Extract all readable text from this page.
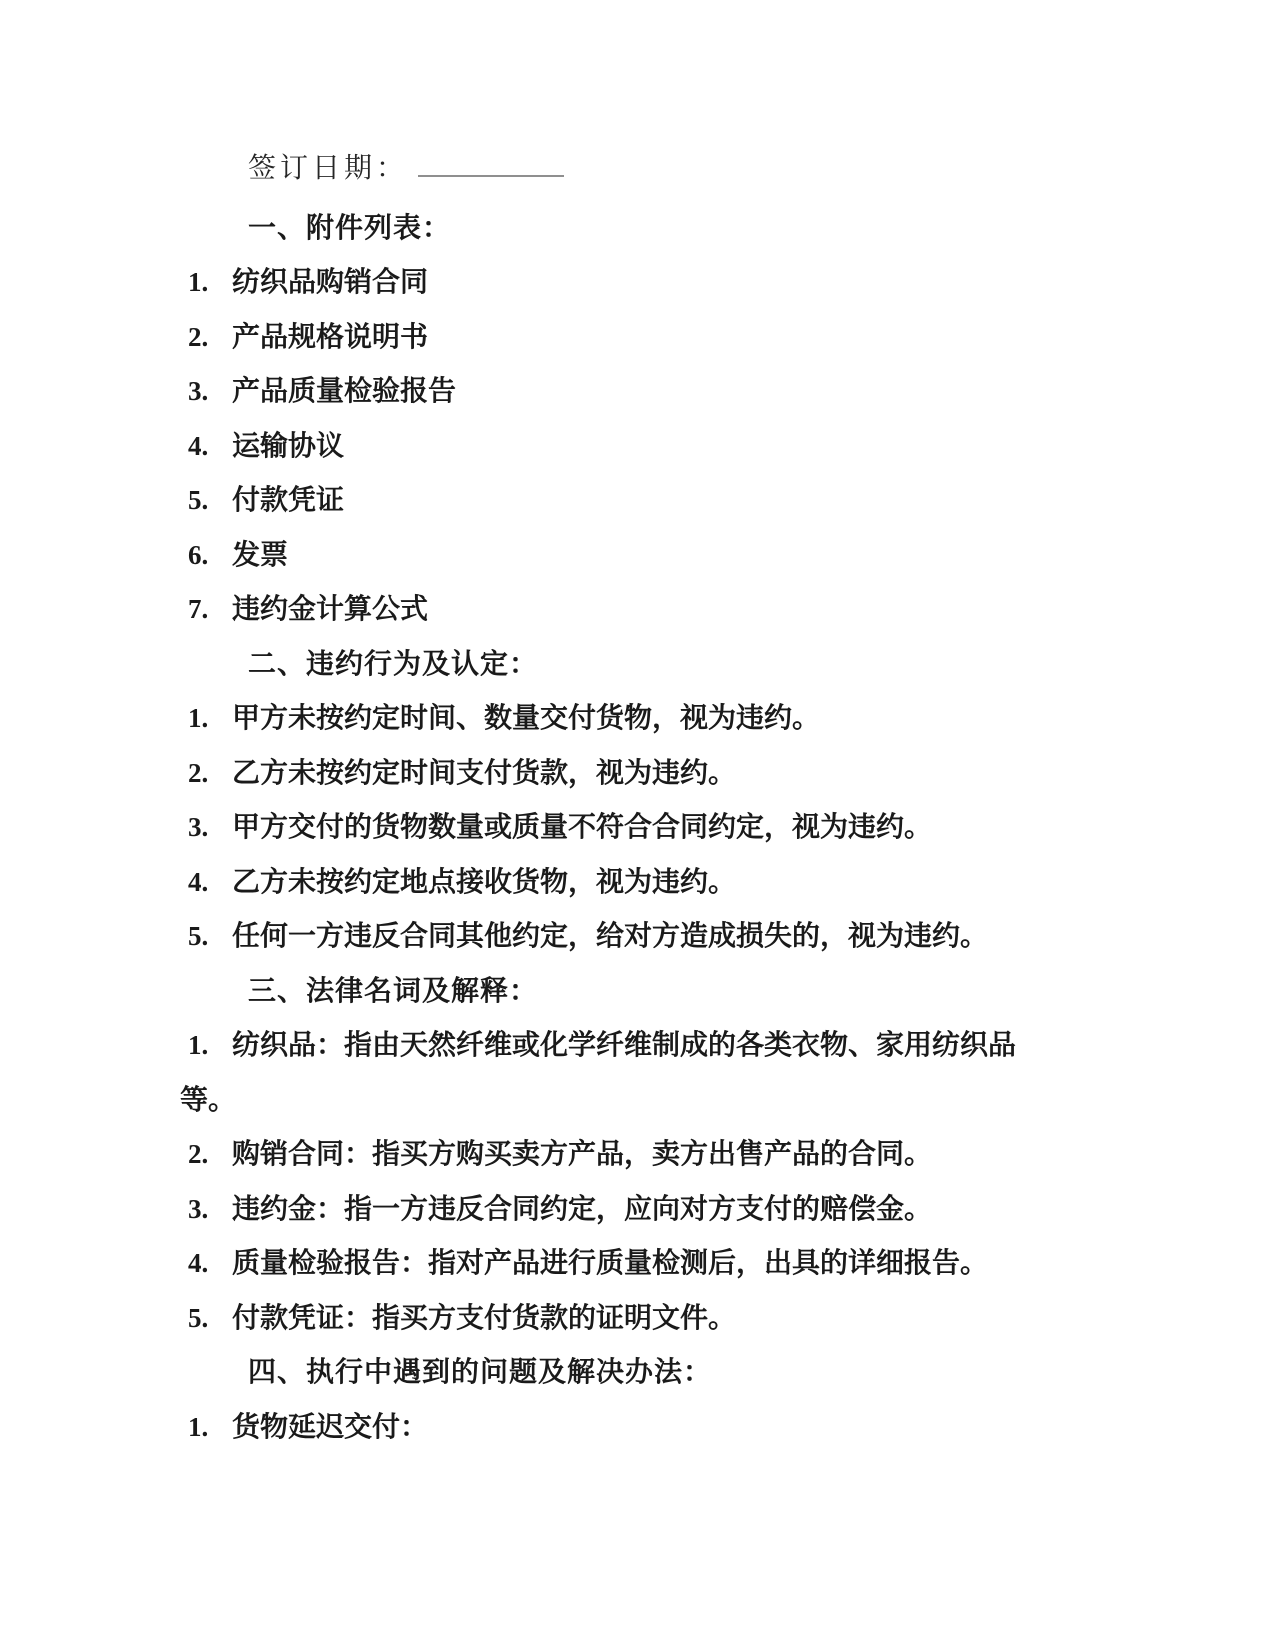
签订日期：
一、附件列表：
1. 纺织品购销合同
2. 产品规格说明书
3. 产品质量检验报告
4. 运输协议
5. 付款凭证
6. 发票
7. 违约金计算公式
二、违约行为及认定：
1. 甲方未按约定时间、数量交付货物，视为违约。
2. 乙方未按约定时间支付货款，视为违约。
3. 甲方交付的货物数量或质量不符合合同约定，视为违约。
4. 乙方未按约定地点接收货物，视为违约。
5. 任何一方违反合同其他约定，给对方造成损失的，视为违约。
三、法律名词及解释：
1. 纺织品：指由天然纤维或化学纤维制成的各类衣物、家用纺织品等。
2. 购销合同：指买方购买卖方产品，卖方出售产品的合同。
3. 违约金：指一方违反合同约定，应向对方支付的赔偿金。
4. 质量检验报告：指对产品进行质量检测后，出具的详细报告。
5. 付款凭证：指买方支付货款的证明文件。
四、执行中遇到的问题及解决办法：
1. 货物延迟交付：
